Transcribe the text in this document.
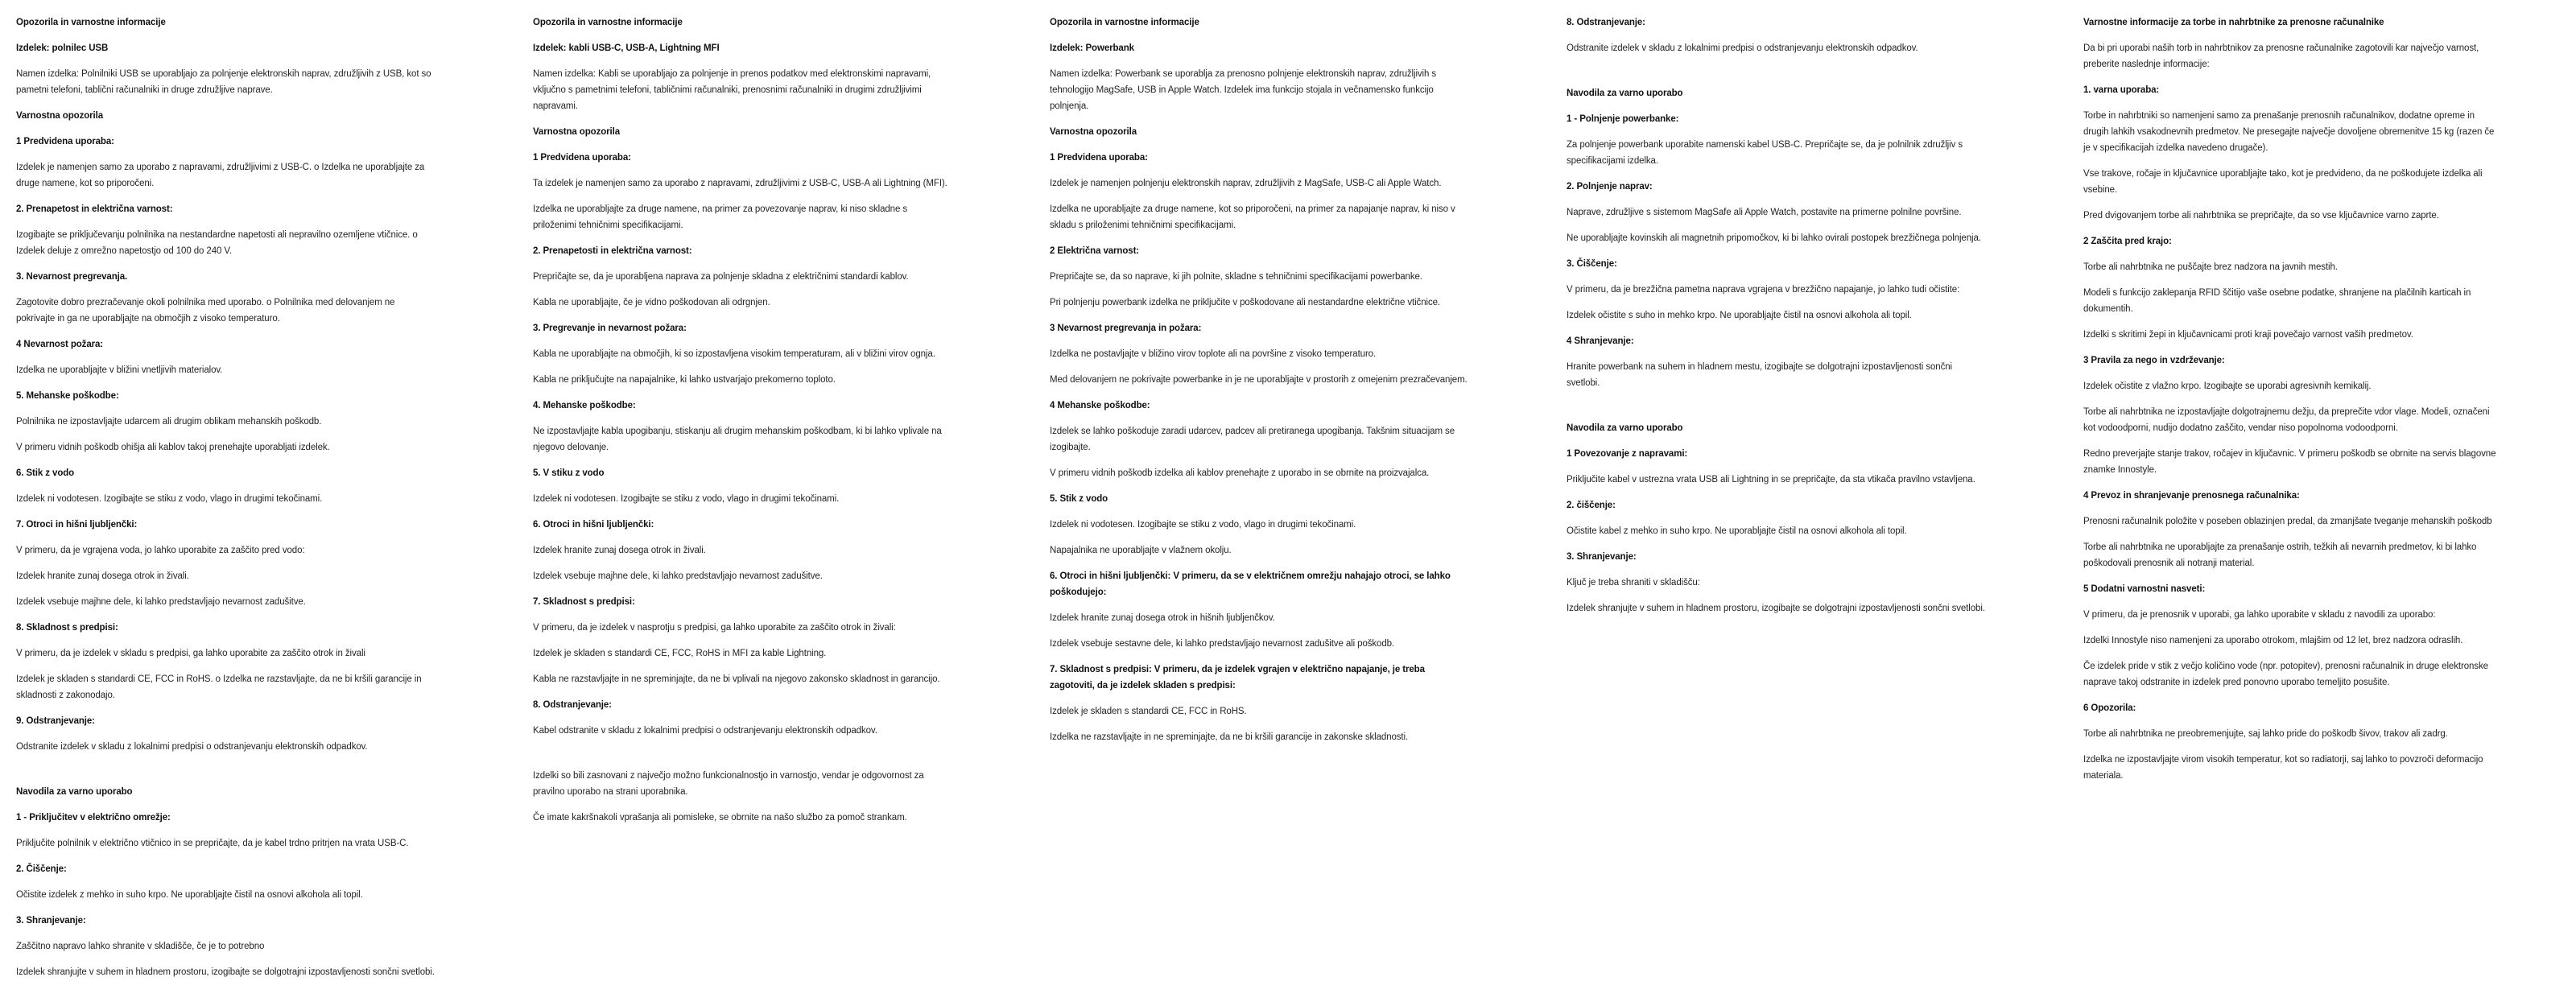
Opozorila in varnostne informacije
Izdelek: polnilec USB
Namen izdelka: Polnilniki USB se uporabljajo za polnjenje elektronskih naprav, združljivih z USB, kot so pametni telefoni, tablični računalniki in druge združljive naprave.
Varnostna opozorila
1 Predvidena uporaba:
Izdelek je namenjen samo za uporabo z napravami, združljivimi z USB-C. o Izdelka ne uporabljajte za druge namene, kot so priporočeni.
2. Prenapetost in električna varnost:
Izogibajte se priključevanju polnilnika na nestandardne napetosti ali nepravilno ozemljene vtičnice. o Izdelek deluje z omrežno napetostjo od 100 do 240 V.
3. Nevarnost pregrevanja.
Zagotovite dobro prezračevanje okoli polnilnika med uporabo. o Polnilnika med delovanjem ne pokrivajte in ga ne uporabljajte na območjih z visoko temperaturo.
4 Nevarnost požara:
Izdelka ne uporabljajte v bližini vnetljivih materialov.
5. Mehanske poškodbe:
Polnilnika ne izpostavljajte udarcem ali drugim oblikam mehanskih poškodb.
V primeru vidnih poškodb ohišja ali kablov takoj prenehajte uporabljati izdelek.
6. Stik z vodo
Izdelek ni vodotesen. Izogibajte se stiku z vodo, vlago in drugimi tekočinami.
7. Otroci in hišni ljubljenčki:
V primeru, da je vgrajena voda, jo lahko uporabite za zaščito pred vodo:
Izdelek hranite zunaj dosega otrok in živali.
Izdelek vsebuje majhne dele, ki lahko predstavljajo nevarnost zadušitve.
8. Skladnost s predpisi:
V primeru, da je izdelek v skladu s predpisi, ga lahko uporabite za zaščito otrok in živali
Izdelek je skladen s standardi CE, FCC in RoHS. o Izdelka ne razstavljajte, da ne bi kršili garancije in skladnosti z zakonodajo.
9. Odstranjevanje:
Odstranite izdelek v skladu z lokalnimi predpisi o odstranjevanju elektronskih odpadkov.
Navodila za varno uporabo
1 - Priključitev v električno omrežje:
Priključite polnilnik v električno vtičnico in se prepričajte, da je kabel trdno pritrjen na vrata USB-C.
2. Čiščenje:
Očistite izdelek z mehko in suho krpo. Ne uporabljajte čistil na osnovi alkohola ali topil.
3. Shranjevanje:
Zaščitno napravo lahko shranite v skladišče, če je to potrebno
Izdelek shranjujte v suhem in hladnem prostoru, izogibajte se dolgotrajni izpostavljenosti sončni svetlobi.
Opozorila in varnostne informacije
Izdelek: kabli USB-C, USB-A, Lightning MFI
Namen izdelka: Kabli se uporabljajo za polnjenje in prenos podatkov med elektronskimi napravami, vključno s pametnimi telefoni, tabličnimi računalniki, prenosnimi računalniki in drugimi združljivimi napravami.
Varnostna opozorila
1 Predvidena uporaba:
Ta izdelek je namenjen samo za uporabo z napravami, združljivimi z USB-C, USB-A ali Lightning (MFI).
Izdelka ne uporabljajte za druge namene, na primer za povezovanje naprav, ki niso skladne s priloženimi tehničnimi specifikacijami.
2. Prenapetosti in električna varnost:
Prepričajte se, da je uporabljena naprava za polnjenje skladna z električnimi standardi kablov.
Kabla ne uporabljajte, če je vidno poškodovan ali odrgnjen.
3. Pregrevanje in nevarnost požara:
Kabla ne uporabljajte na območjih, ki so izpostavljena visokim temperaturam, ali v bližini virov ognja.
Kabla ne priključujte na napajalnike, ki lahko ustvarjajo prekomerno toploto.
4. Mehanske poškodbe:
Ne izpostavljajte kabla upogibanju, stiskanju ali drugim mehanskim poškodbam, ki bi lahko vplivale na njegovo delovanje.
5. V stiku z vodo
Izdelek ni vodotesen. Izogibajte se stiku z vodo, vlago in drugimi tekočinami.
6. Otroci in hišni ljubljenčki:
Izdelek hranite zunaj dosega otrok in živali.
Izdelek vsebuje majhne dele, ki lahko predstavljajo nevarnost zadušitve.
7. Skladnost s predpisi:
V primeru, da je izdelek v nasprotju s predpisi, ga lahko uporabite za zaščito otrok in živali:
Izdelek je skladen s standardi CE, FCC, RoHS in MFI za kable Lightning.
Kabla ne razstavljajte in ne spreminjajte, da ne bi vplivali na njegovo zakonsko skladnost in garancijo.
8. Odstranjevanje:
Kabel odstranite v skladu z lokalnimi predpisi o odstranjevanju elektronskih odpadkov.
Izdelki so bili zasnovani z največjo možno funkcionalnostjo in varnostjo, vendar je odgovornost za pravilno uporabo na strani uporabnika.
Če imate kakršnakoli vprašanja ali pomisleke, se obrnite na našo službo za pomoč strankam.
Opozorila in varnostne informacije
Izdelek: Powerbank
Namen izdelka: Powerbank se uporablja za prenosno polnjenje elektronskih naprav, združljivih s tehnologijo MagSafe, USB in Apple Watch. Izdelek ima funkcijo stojala in večnamensko funkcijo polnjenja.
Varnostna opozorila
1 Predvidena uporaba:
Izdelek je namenjen polnjenju elektronskih naprav, združljivih z MagSafe, USB-C ali Apple Watch.
Izdelka ne uporabljajte za druge namene, kot so priporočeni, na primer za napajanje naprav, ki niso v skladu s priloženimi tehničnimi specifikacijami.
2 Električna varnost:
Prepričajte se, da so naprave, ki jih polnite, skladne s tehničnimi specifikacijami powerbanke.
Pri polnjenju powerbank izdelka ne priključite v poškodovane ali nestandardne električne vtičnice.
3 Nevarnost pregrevanja in požara:
Izdelka ne postavljajte v bližino virov toplote ali na površine z visoko temperaturo.
Med delovanjem ne pokrivajte powerbanke in je ne uporabljajte v prostorih z omejenim prezračevanjem.
4 Mehanske poškodbe:
Izdelek se lahko poškoduje zaradi udarcev, padcev ali pretiranega upogibanja. Takšnim situacijam se izogibajte.
V primeru vidnih poškodb izdelka ali kablov prenehajte z uporabo in se obrnite na proizvajalca.
5. Stik z vodo
Izdelek ni vodotesen. Izogibajte se stiku z vodo, vlago in drugimi tekočinami.
Napajalnika ne uporabljajte v vlažnem okolju.
6. Otroci in hišni ljubljenčki: V primeru, da se v električnem omrežju nahajajo otroci, se lahko poškodujejo:
Izdelek hranite zunaj dosega otrok in hišnih ljubljenčkov.
Izdelek vsebuje sestavne dele, ki lahko predstavljajo nevarnost zadušitve ali poškodb.
7. Skladnost s predpisi: V primeru, da je izdelek vgrajen v električno napajanje, je treba zagotoviti, da je izdelek skladen s predpisi:
Izdelek je skladen s standardi CE, FCC in RoHS.
Izdelka ne razstavljajte in ne spreminjajte, da ne bi kršili garancije in zakonske skladnosti.
8. Odstranjevanje:
Odstranite izdelek v skladu z lokalnimi predpisi o odstranjevanju elektronskih odpadkov.
Navodila za varno uporabo
1 - Polnjenje powerbanke:
Za polnjenje powerbank uporabite namenski kabel USB-C. Prepričajte se, da je polnilnik združljiv s specifikacijami izdelka.
2. Polnjenje naprav:
Naprave, združljive s sistemom MagSafe ali Apple Watch, postavite na primerne polnilne površine.
Ne uporabljajte kovinskih ali magnetnih pripomočkov, ki bi lahko ovirali postopek brezžičnega polnjenja.
3. Čiščenje:
V primeru, da je brezžična pametna naprava vgrajena v brezžično napajanje, jo lahko tudi očistite:
Izdelek očistite s suho in mehko krpo. Ne uporabljajte čistil na osnovi alkohola ali topil.
4 Shranjevanje:
Hranite powerbank na suhem in hladnem mestu, izogibajte se dolgotrajni izpostavljenosti sončni svetlobi.
Navodila za varno uporabo
1 Povezovanje z napravami:
Priključite kabel v ustrezna vrata USB ali Lightning in se prepričajte, da sta vtikača pravilno vstavljena.
2. čiščenje:
Očistite kabel z mehko in suho krpo. Ne uporabljajte čistil na osnovi alkohola ali topil.
3. Shranjevanje:
Ključ je treba shraniti v skladišču:
Izdelek shranjujte v suhem in hladnem prostoru, izogibajte se dolgotrajni izpostavljenosti sončni svetlobi.
Varnostne informacije za torbe in nahrbtnike za prenosne računalnike
Da bi pri uporabi naših torb in nahrbtnikov za prenosne računalnike zagotovili kar največjo varnost, preberite naslednje informacije:
1. varna uporaba:
Torbe in nahrbtniki so namenjeni samo za prenašanje prenosnih računalnikov, dodatne opreme in drugih lahkih vsakodnevnih predmetov. Ne presegajte največje dovoljene obremenitve 15 kg (razen če je v specifikacijah izdelka navedeno drugače).
Vse trakove, ročaje in ključavnice uporabljajte tako, kot je predvideno, da ne poškodujete izdelka ali vsebine.
Pred dvigovanjem torbe ali nahrbtnika se prepričajte, da so vse ključavnice varno zaprte.
2 Zaščita pred krajo:
Torbe ali nahrbtnika ne puščajte brez nadzora na javnih mestih.
Modeli s funkcijo zaklepanja RFID ščitijo vaše osebne podatke, shranjene na plačilnih karticah in dokumentih.
Izdelki s skritimi žepi in ključavnicami proti kraji povečajo varnost vaših predmetov.
3 Pravila za nego in vzdrževanje:
Izdelek očistite z vlažno krpo. Izogibajte se uporabi agresivnih kemikalij.
Torbe ali nahrbtnika ne izpostavljajte dolgotrajnemu dežju, da preprečite vdor vlage. Modeli, označeni kot vodoodporni, nudijo dodatno zaščito, vendar niso popolnoma vodoodporni.
Redno preverjajte stanje trakov, ročajev in ključavnic. V primeru poškodb se obrnite na servis blagovne znamke Innostyle.
4 Prevoz in shranjevanje prenosnega računalnika:
Prenosni računalnik položite v poseben oblazinjen predal, da zmanjšate tveganje mehanskih poškodb
Torbe ali nahrbtnika ne uporabljajte za prenašanje ostrih, težkih ali nevarnih predmetov, ki bi lahko poškodovali prenosnik ali notranji material.
5 Dodatni varnostni nasveti:
V primeru, da je prenosnik v uporabi, ga lahko uporabite v skladu z navodili za uporabo:
Izdelki Innostyle niso namenjeni za uporabo otrokom, mlajšim od 12 let, brez nadzora odraslih.
Če izdelek pride v stik z večjo količino vode (npr. potopitev), prenosni računalnik in druge elektronske naprave takoj odstranite in izdelek pred ponovno uporabo temeljito posušite.
6 Opozorila:
Torbe ali nahrbtnika ne preobremenjujte, saj lahko pride do poškodb šivov, trakov ali zadrg.
Izdelka ne izpostavljajte virom visokih temperatur, kot so radiatorji, saj lahko to povzroči deformacijo materiala.
